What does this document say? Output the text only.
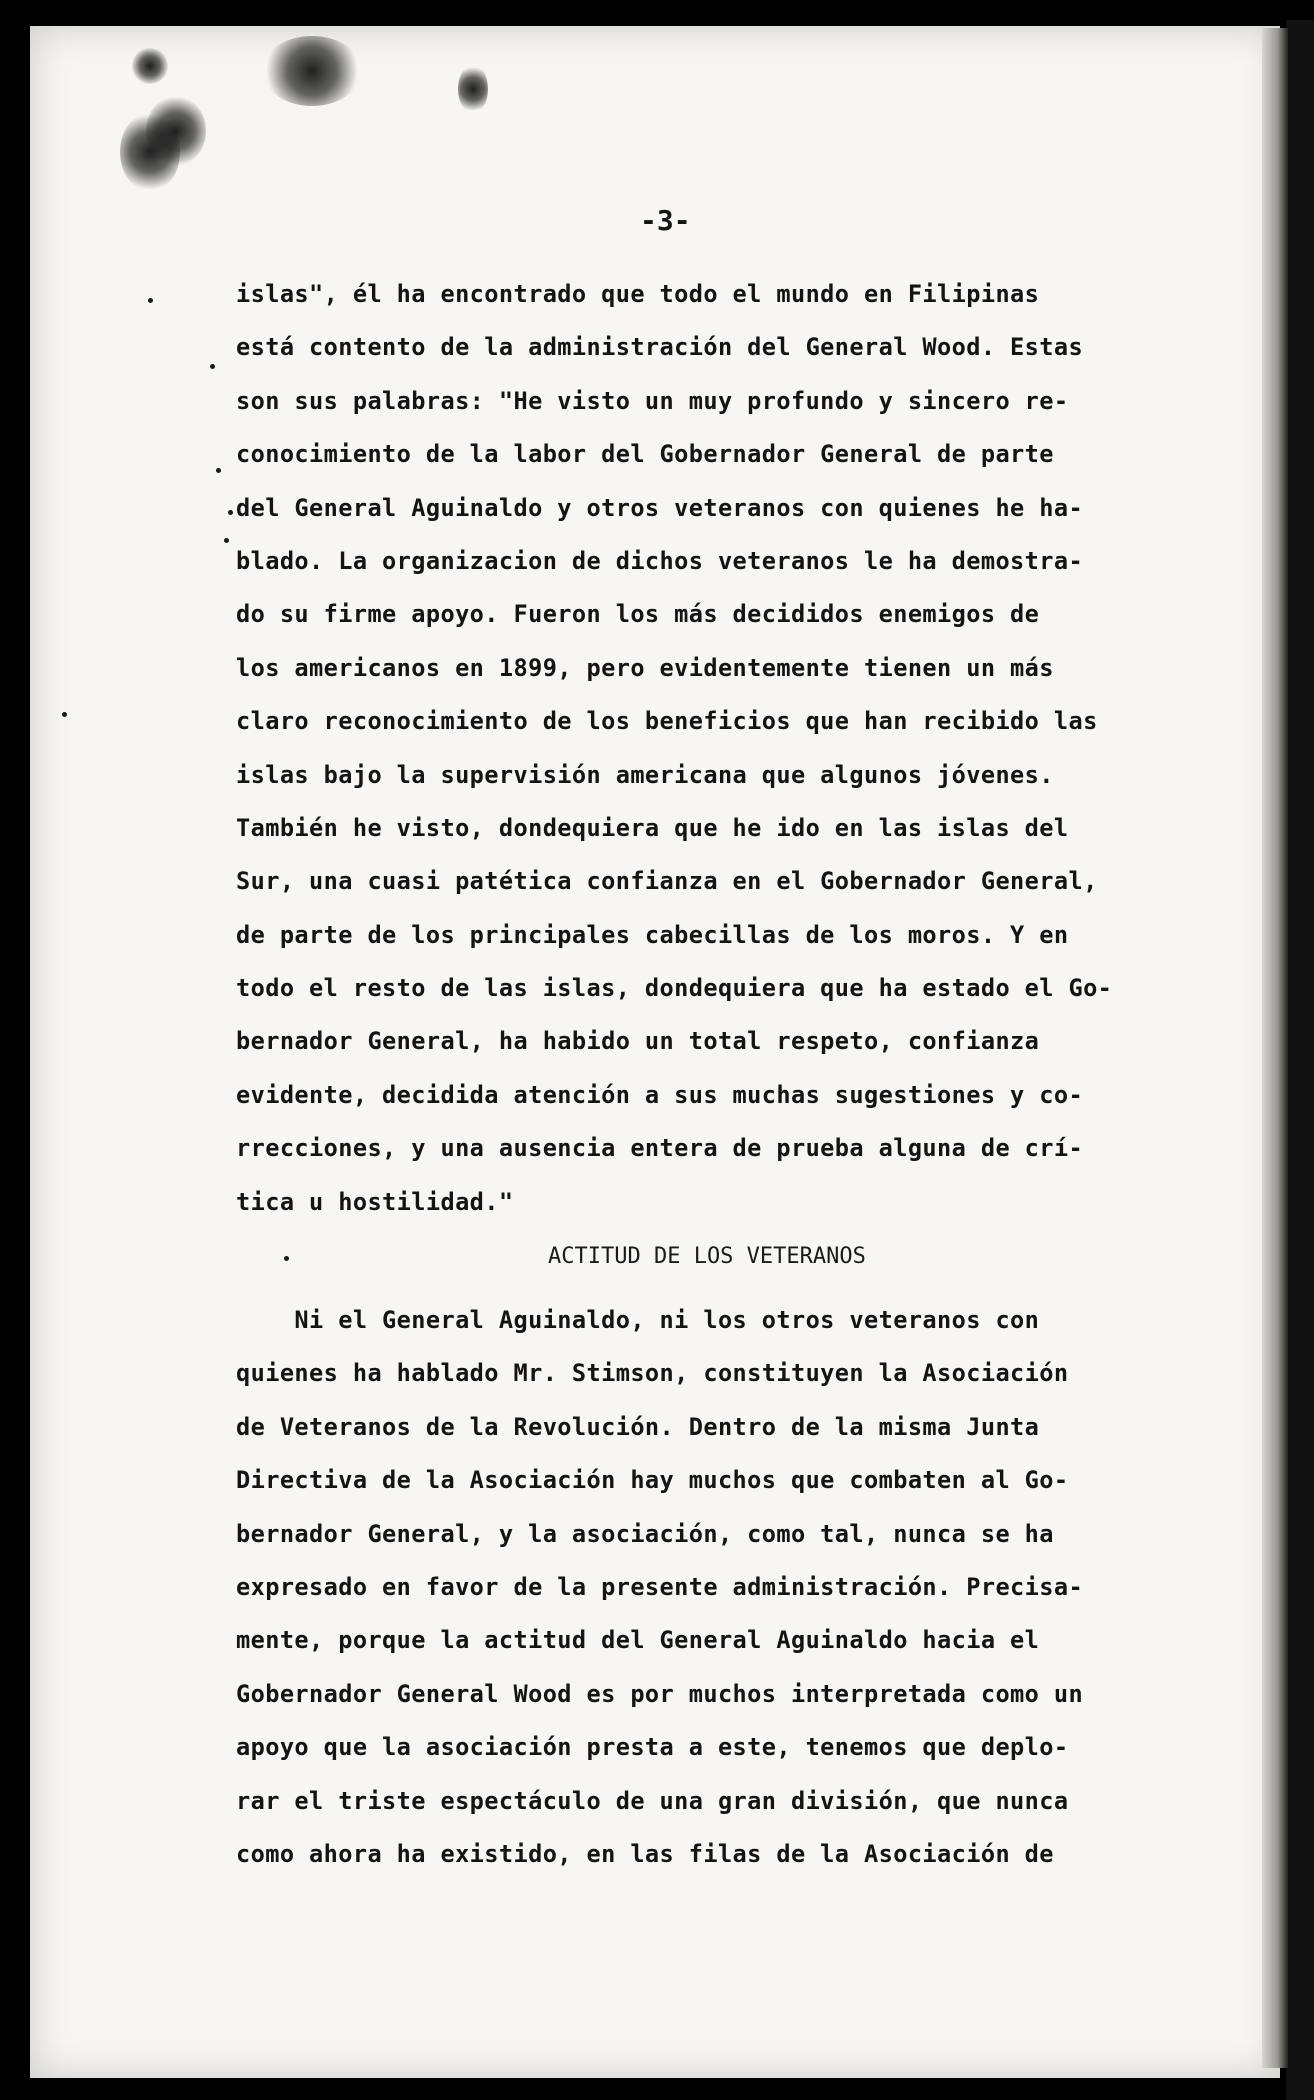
-3-
islas", él ha encontrado que todo el mundo en Filipinas
está contento de la administración del General Wood. Estas
son sus palabras: "He visto un muy profundo y sincero re-
conocimiento de la labor del Gobernador General de parte
del General Aguinaldo y otros veteranos con quienes he ha-
blado. La organizacion de dichos veteranos le ha demostra-
do su firme apoyo. Fueron los más decididos enemigos de
los americanos en 1899, pero evidentemente tienen un más
claro reconocimiento de los beneficios que han recibido las
islas bajo la supervisión americana que algunos jóvenes.
También he visto, dondequiera que he ido en las islas del
Sur, una cuasi patética confianza en el Gobernador General,
de parte de los principales cabecillas de los moros. Y en
todo el resto de las islas, dondequiera que ha estado el Go-
bernador General, ha habido un total respeto, confianza
evidente, decidida atención a sus muchas sugestiones y co-
rrecciones, y una ausencia entera de prueba alguna de crí-
tica u hostilidad."
ACTITUD DE LOS VETERANOS
Ni el General Aguinaldo, ni los otros veteranos con
quienes ha hablado Mr. Stimson, constituyen la Asociación
de Veteranos de la Revolución. Dentro de la misma Junta
Directiva de la Asociación hay muchos que combaten al Go-
bernador General, y la asociación, como tal, nunca se ha
expresado en favor de la presente administración. Precisa-
mente, porque la actitud del General Aguinaldo hacia el
Gobernador General Wood es por muchos interpretada como un
apoyo que la asociación presta a este, tenemos que deplo-
rar el triste espectáculo de una gran división, que nunca
como ahora ha existido, en las filas de la Asociación de
